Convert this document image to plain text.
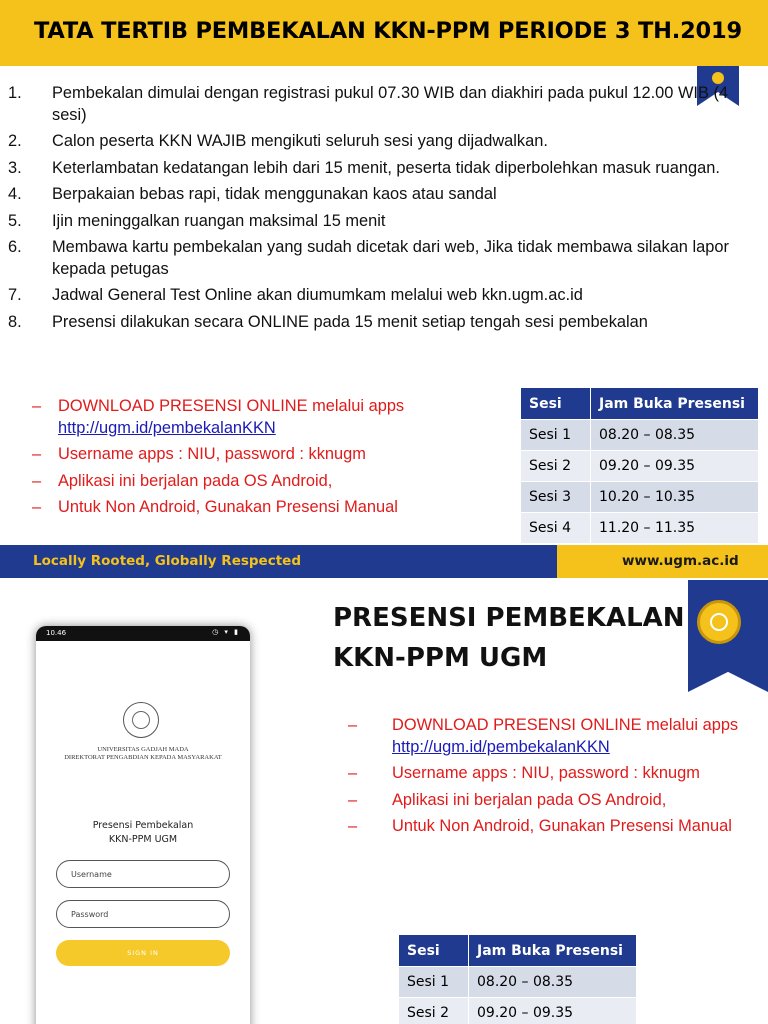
TATA TERTIB PEMBEKALAN KKN-PPM PERIODE 3 TH.2019
1. Pembekalan dimulai dengan registrasi pukul 07.30 WIB dan diakhiri pada pukul 12.00 WIB (4 sesi)
2. Calon peserta KKN WAJIB mengikuti seluruh sesi yang dijadwalkan.
3. Keterlambatan kedatangan lebih dari 15 menit, peserta tidak diperbolehkan masuk ruangan.
4. Berpakaian bebas rapi, tidak menggunakan kaos atau sandal
5. Ijin meninggalkan ruangan maksimal 15 menit
6. Membawa kartu pembekalan yang sudah dicetak dari web, Jika tidak membawa silakan lapor kepada petugas
7. Jadwal General Test Online akan diumumkam melalui web kkn.ugm.ac.id
8. Presensi dilakukan secara ONLINE pada 15 menit setiap tengah sesi pembekalan
– DOWNLOAD PRESENSI ONLINE melalui apps
http://ugm.id/pembekalanKKN
– Username apps : NIU, password : kknugm
– Aplikasi ini berjalan pada OS Android,
– Untuk Non Android, Gunakan Presensi Manual
Sesi	Jam Buka Presensi
Sesi 1	08.20 – 08.35
Sesi 2	09.20 – 09.35
Sesi 3	10.20 – 10.35
Sesi 4	11.20 – 11.35
Locally Rooted, Globally Respected	www.ugm.ac.id
PRESENSI PEMBEKALAN
KKN-PPM UGM
10.46	◷ ▾ ▮
UNIVERSITAS GADJAH MADA
DIREKTORAT PENGABDIAN KEPADA MASYARAKAT
Presensi Pembekalan
KKN-PPM UGM
Username
Password
SIGN IN
– DOWNLOAD PRESENSI ONLINE melalui apps
http://ugm.id/pembekalanKKN
– Username apps : NIU, password : kknugm
– Aplikasi ini berjalan pada OS Android,
– Untuk Non Android, Gunakan Presensi Manual
Sesi	Jam Buka Presensi
Sesi 1	08.20 – 08.35
Sesi 2	09.20 – 09.35
